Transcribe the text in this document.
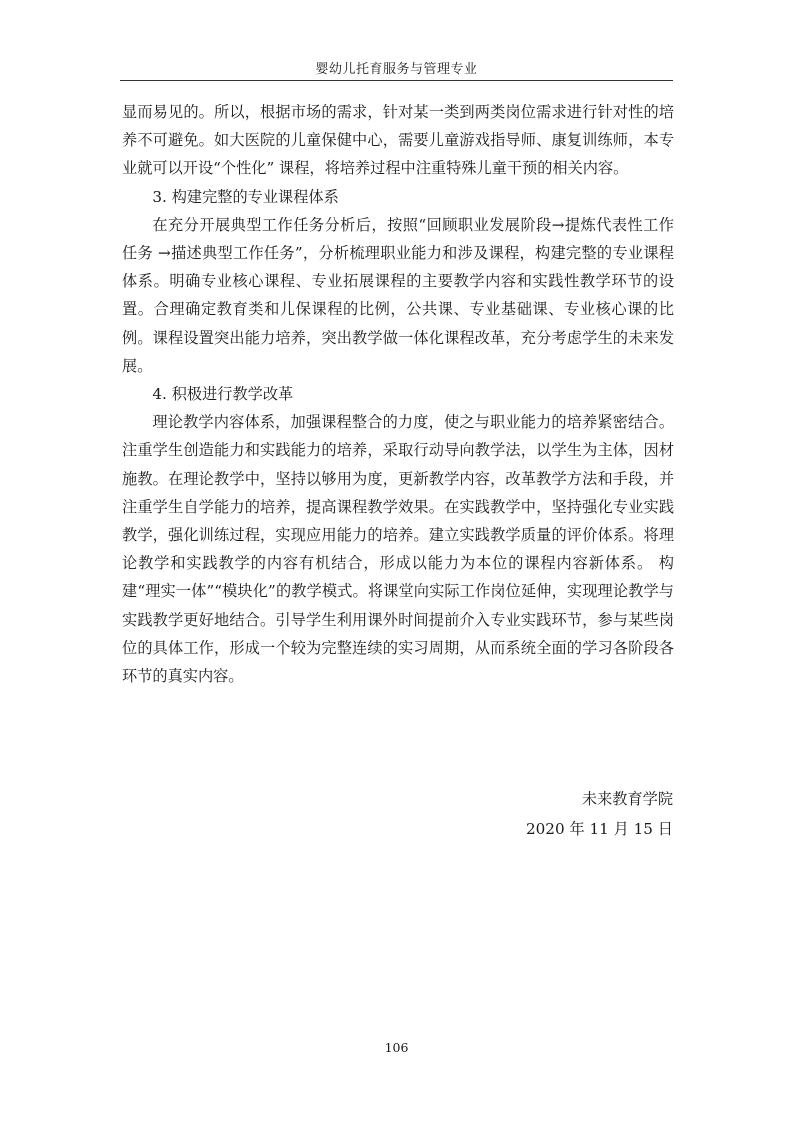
婴幼儿托育服务与管理专业

显而易见的。所以，根据市场的需求，针对某一类到两类岗位需求进行针对性的培养不可避免。如大医院的儿童保健中心，需要儿童游戏指导师、康复训练师，本专业就可以开设“个性化” 课程，将培养过程中注重特殊儿童干预的相关内容。

3. 构建完整的专业课程体系

在充分开展典型工作任务分析后，按照“回顾职业发展阶段→提炼代表性工作任务 →描述典型工作任务”，分析梳理职业能力和涉及课程，构建完整的专业课程体系。明确专业核心课程、专业拓展课程的主要教学内容和实践性教学环节的设置。合理确定教育类和儿保课程的比例，公共课、专业基础课、专业核心课的比例。课程设置突出能力培养，突出教学做一体化课程改革，充分考虑学生的未来发展。

4. 积极进行教学改革

理论教学内容体系，加强课程整合的力度，使之与职业能力的培养紧密结合。注重学生创造能力和实践能力的培养，采取行动导向教学法，以学生为主体，因材施教。在理论教学中，坚持以够用为度，更新教学内容，改革教学方法和手段，并 注重学生自学能力的培养，提高课程教学效果。在实践教学中，坚持强化专业实践教学，强化训练过程，实现应用能力的培养。建立实践教学质量的评价体系。将理论教学和实践教学的内容有机结合，形成以能力为本位的课程内容新体系。 构建“理实一体”“模块化”的教学模式。将课堂向实际工作岗位延伸，实现理论教学与实践教学更好地结合。引导学生利用课外时间提前介入专业实践环节，参与某些岗位的具体工作，形成一个较为完整连续的实习周期，从而系统全面的学习各阶段各环节的真实内容。

未来教育学院
2020 年 11 月 15 日
106
